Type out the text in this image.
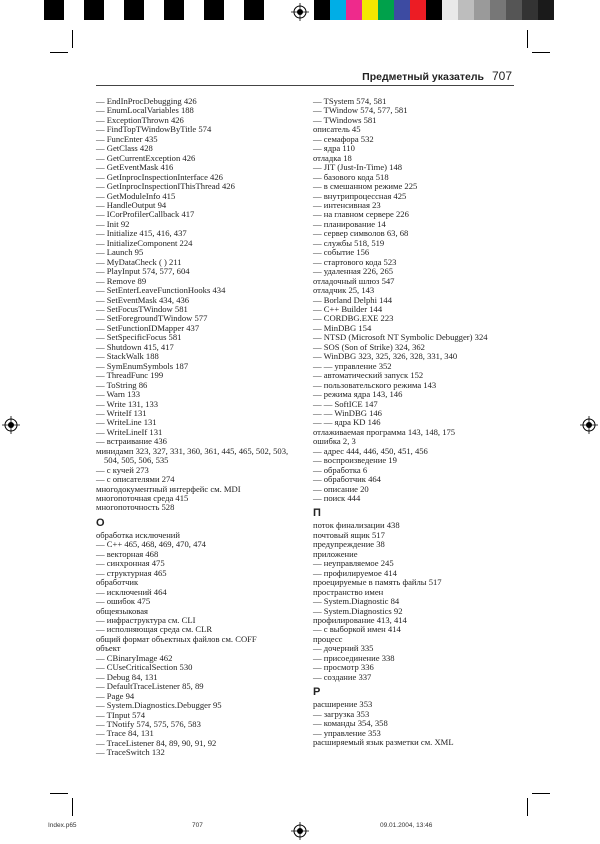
Предметный указатель 707
— EndInProcDebugging 426
— EnumLocalVariables 188
— ExceptionThrown 426
— FindTopTWindowByTitle 574
— FuncEnter 435
— GetClass 428
— GetCurrentException 426
— GetEventMask 416
— GetInprocInspectionInterface 426
— GetInprocInspectionIThisThread 426
— GetModuleInfo 415
— HandleOutput 94
— ICorProfilerCallback 417
— Init 92
— Initialize 415, 416, 437
— InitializeComponent 224
— Launch 95
— MyDataCheck ( ) 211
— PlayInput 574, 577, 604
— Remove 89
— SetEnterLeaveFunctionHooks 434
— SetEventMask 434, 436
— SetFocusTWindow 581
— SetForegroundTWindow 577
— SetFunctionIDMapper 437
— SetSpecificFocus 581
— Shutdown 415, 417
— StackWalk 188
— SymEnumSymbols 187
— ThreadFunc 199
— ToString 86
— Warn 133
— Write 131, 133
— WriteIf 131
— WriteLine 131
— WriteLineIf 131
— встраивание 436
минидамп 323, 327, 331, 360, 361, 445, 465, 502, 503, 504, 505, 506, 535
— с кучей 273
— с описателями 274
многодокументный интерфейс см. MDI
многопоточная среда 415
многопоточность 528
О
обработка исключений
— C++ 465, 468, 469, 470, 474
— векторная 468
— синхронная 475
— структурная 465
обработчик
— исключений 464
— ошибок 475
общеязыковая
— инфраструктура см. CLI
— исполняющая среда см. CLR
общий формат объектных файлов см. COFF
объект
— CBinaryImage 462
— CUseCriticalSection 530
— Debug 84, 131
— DefaultTraceListener 85, 89
— Page 94
— System.Diagnostics.Debugger 95
— TInput 574
— TNotify 574, 575, 576, 583
— Trace 84, 131
— TraceListener 84, 89, 90, 91, 92
— TraceSwitch 132
— TSystem 574, 581
— TWindow 574, 577, 581
— TWindows 581
описатель 45
— семафора 532
— ядра 110
отладка 18
— JIT (Just-In-Time) 148
— базового кода 518
— в смешанном режиме 225
— внутрипроцессная 425
— интенсивная 23
— на главном сервере 226
— планирование 14
— сервер символов 63, 68
— службы 518, 519
— событие 156
— стартового кода 523
— удаленная 226, 265
отладочный шлюз 547
отладчик 25, 143
— Borland Delphi 144
— C++ Builder 144
— CORDBG.EXE 223
— MinDBG 154
— NTSD (Microsoft NT Symbolic Debugger) 324
— SOS (Son of Strike) 324, 362
— WinDBG 323, 325, 326, 328, 331, 340
— — управление 352
— автоматический запуск 152
— пользовательского режима 143
— режима ядра 143, 146
— — SoftICE 147
— — WinDBG 146
— — ядра KD 146
отлаживаемая программа 143, 148, 175
ошибка 2, 3
— адрес 444, 446, 450, 451, 456
— воспроизведение 19
— обработка 6
— обработчик 464
— описание 20
— поиск 444
П
поток финализации 438
почтовый ящик 517
предупреждение 38
приложение
— неуправляемое 245
— профилируемое 414
проецируемые в память файлы 517
пространство имен
— System.Diagnostic 84
— System.Diagnostics 92
профилирование 413, 414
— с выборкой имен 414
процесс
— дочерний 335
— присоединение 338
— просмотр 336
— создание 337
Р
расширение 353
— загрузка 353
— команды 354, 358
— управление 353
расширяемый язык разметки см. XML
Index.p65	707	09.01.2004, 13:46
